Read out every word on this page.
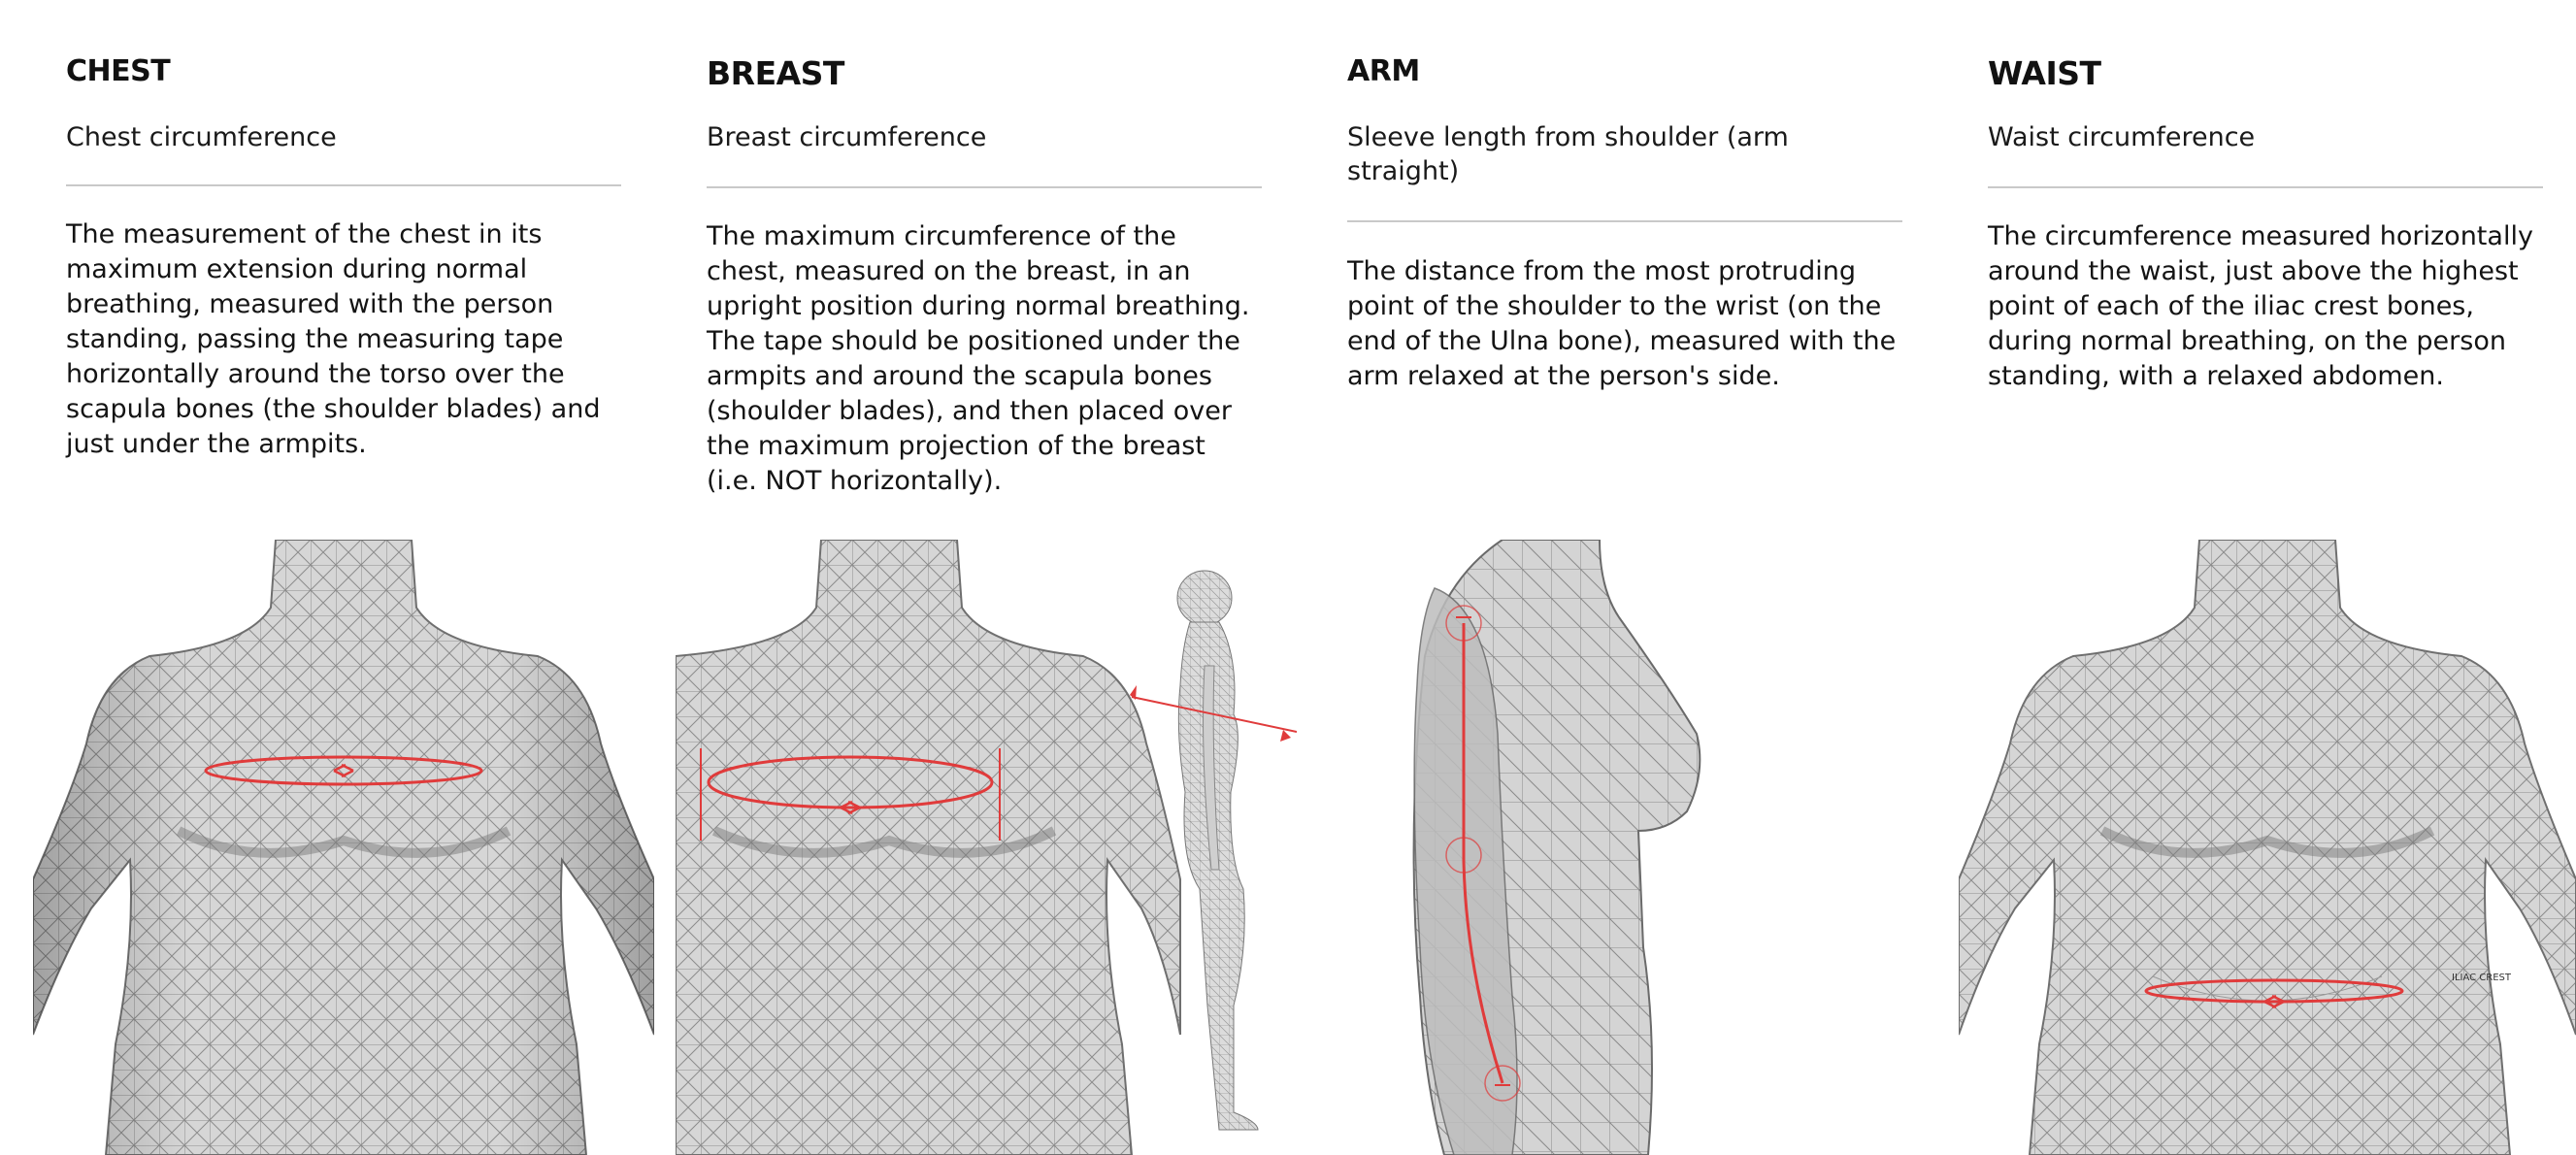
CHEST
Chest circumference
The measurement of the chest in its maximum extension during normal breathing, measured with the person standing, passing the measuring tape horizontally around the torso over the scapula bones (the shoulder blades) and just under the armpits.
BREAST
Breast circumference
The maximum circumference of the chest, measured on the breast, in an upright position during normal breathing. The tape should be positioned under the armpits and around the scapula bones (shoulder blades), and then placed over the maximum projection of the breast (i.e. NOT horizontally).
ARM
Sleeve length from shoulder (arm straight)
The distance from the most protruding point of the shoulder to the wrist (on the end of the Ulna bone), measured with the arm relaxed at the person's side.
WAIST
Waist circumference
The circumference measured horizontally around the waist, just above the highest point of each of the iliac crest bones, during normal breathing, on the person standing, with a relaxed abdomen.
ILIAC CREST
